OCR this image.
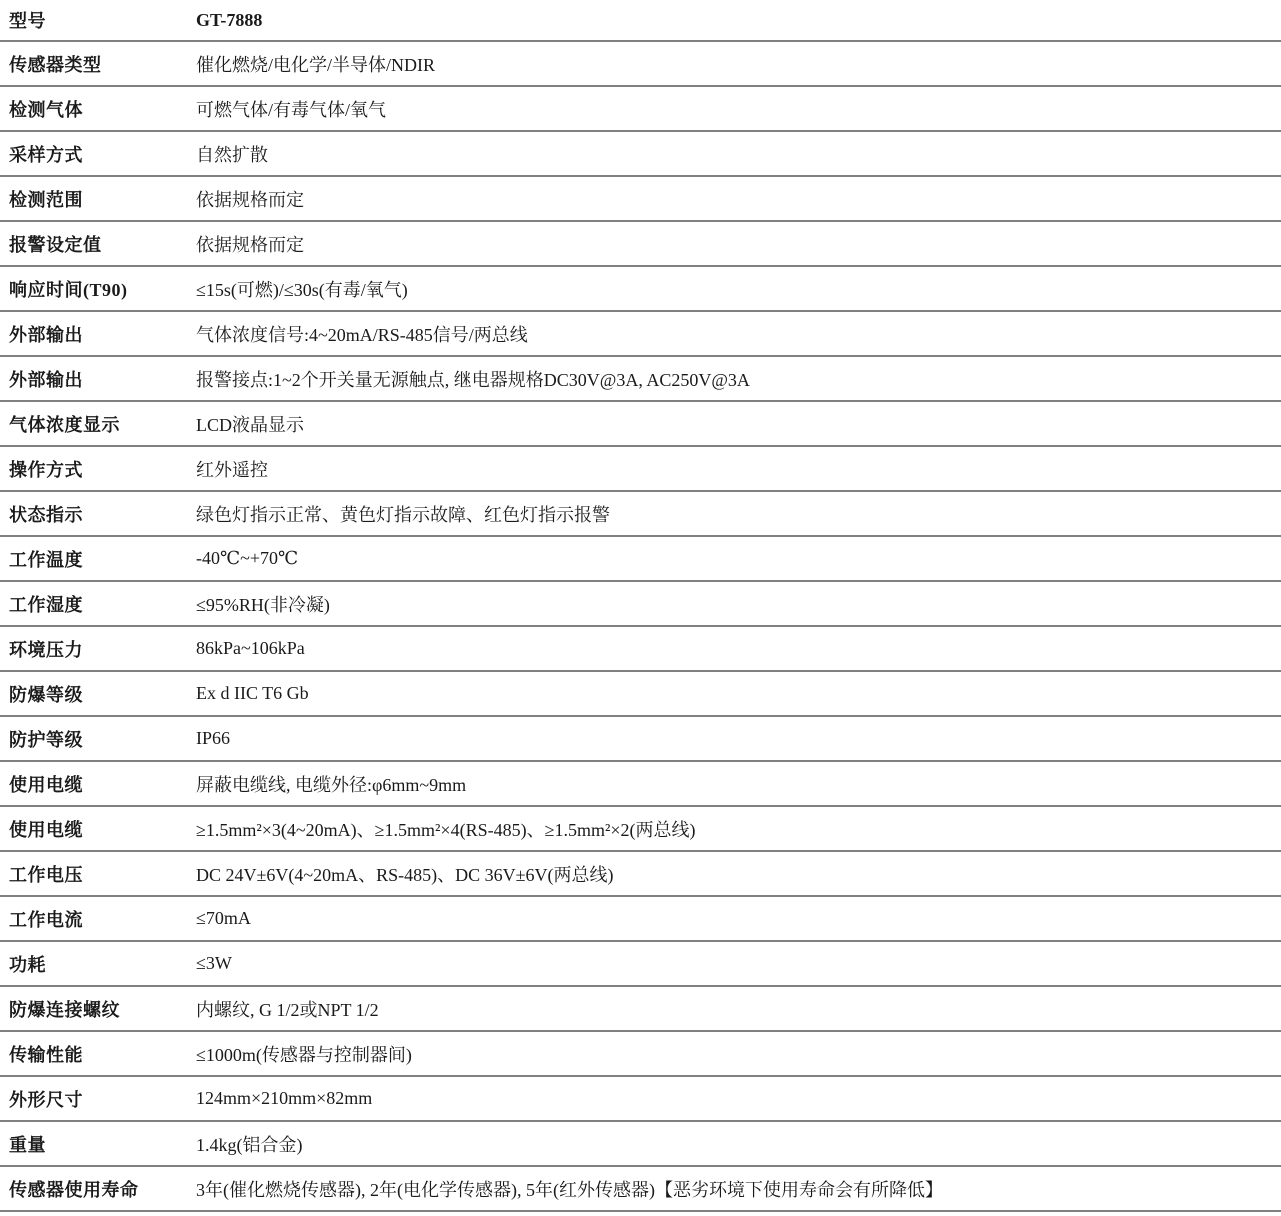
型号	GT-7888
传感器类型	催化燃烧/电化学/半导体/NDIR
检测气体	可燃气体/有毒气体/氧气
采样方式	自然扩散
检测范围	依据规格而定
报警设定值	依据规格而定
响应时间(T90)	≤15s(可燃)/≤30s(有毒/氧气)
外部输出	气体浓度信号:4~20mA/RS-485信号/两总线
外部输出	报警接点:1~2个开关量无源触点, 继电器规格DC30V@3A, AC250V@3A
气体浓度显示	LCD液晶显示
操作方式	红外遥控
状态指示	绿色灯指示正常、黄色灯指示故障、红色灯指示报警
工作温度	-40℃~+70℃
工作湿度	≤95%RH(非冷凝)
环境压力	86kPa~106kPa
防爆等级	Ex d IIC T6 Gb
防护等级	IP66
使用电缆	屏蔽电缆线, 电缆外径:φ6mm~9mm
使用电缆	≥1.5mm²×3(4~20mA)、≥1.5mm²×4(RS-485)、≥1.5mm²×2(两总线)
工作电压	DC 24V±6V(4~20mA、RS-485)、DC 36V±6V(两总线)
工作电流	≤70mA
功耗	≤3W
防爆连接螺纹	内螺纹, G 1/2或NPT 1/2
传输性能	≤1000m(传感器与控制器间)
外形尺寸	124mm×210mm×82mm
重量	1.4kg(铝合金)
传感器使用寿命	3年(催化燃烧传感器), 2年(电化学传感器), 5年(红外传感器)【恶劣环境下使用寿命会有所降低】
